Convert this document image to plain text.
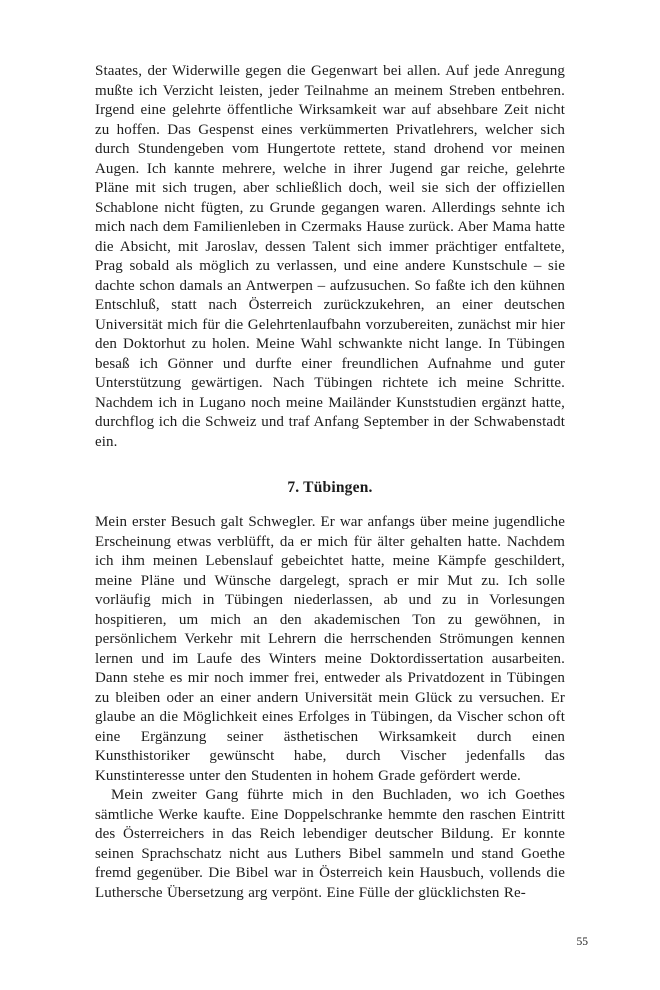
Staates, der Widerwille gegen die Gegenwart bei allen. Auf jede Anregung mußte ich Verzicht leisten, jeder Teilnahme an meinem Streben entbehren. Irgend eine gelehrte öffentliche Wirksamkeit war auf absehbare Zeit nicht zu hoffen. Das Gespenst eines verkümmerten Privatlehrers, welcher sich durch Stundengeben vom Hungertote rettete, stand drohend vor meinen Augen. Ich kannte mehrere, welche in ihrer Jugend gar reiche, gelehrte Pläne mit sich trugen, aber schließlich doch, weil sie sich der offiziellen Schablone nicht fügten, zu Grunde gegangen waren. Allerdings sehnte ich mich nach dem Familienleben in Czermaks Hause zurück. Aber Mama hatte die Absicht, mit Jaroslav, dessen Talent sich immer prächtiger entfaltete, Prag sobald als möglich zu verlassen, und eine andere Kunstschule – sie dachte schon damals an Antwerpen – aufzusuchen. So faßte ich den kühnen Entschluß, statt nach Österreich zurückzukehren, an einer deutschen Universität mich für die Gelehrtenlaufbahn vorzubereiten, zunächst mir hier den Doktorhut zu holen. Meine Wahl schwankte nicht lange. In Tübingen besaß ich Gönner und durfte einer freundlichen Aufnahme und guter Unterstützung gewärtigen. Nach Tübingen richtete ich meine Schritte. Nachdem ich in Lugano noch meine Mailänder Kunststudien ergänzt hatte, durchflog ich die Schweiz und traf Anfang September in der Schwabenstadt ein.

7. Tübingen.

Mein erster Besuch galt Schwegler. Er war anfangs über meine jugendliche Erscheinung etwas verblüfft, da er mich für älter gehalten hatte. Nachdem ich ihm meinen Lebenslauf gebeichtet hatte, meine Kämpfe geschildert, meine Pläne und Wünsche dargelegt, sprach er mir Mut zu. Ich solle vorläufig mich in Tübingen niederlassen, ab und zu in Vorlesungen hospitieren, um mich an den akademischen Ton zu gewöhnen, in persönlichem Verkehr mit Lehrern die herrschenden Strömungen kennen lernen und im Laufe des Winters meine Doktordissertation ausarbeiten. Dann stehe es mir noch immer frei, entweder als Privatdozent in Tübingen zu bleiben oder an einer andern Universität mein Glück zu versuchen. Er glaube an die Möglichkeit eines Erfolges in Tübingen, da Vischer schon oft eine Ergänzung seiner ästhetischen Wirksamkeit durch einen Kunsthistoriker gewünscht habe, durch Vischer jedenfalls das Kunstinteresse unter den Studenten in hohem Grade gefördert werde.

Mein zweiter Gang führte mich in den Buchladen, wo ich Goethes sämtliche Werke kaufte. Eine Doppelschranke hemmte den raschen Eintritt des Österreichers in das Reich lebendiger deutscher Bildung. Er konnte seinen Sprachschatz nicht aus Luthers Bibel sammeln und stand Goethe fremd gegenüber. Die Bibel war in Österreich kein Hausbuch, vollends die Luthersche Übersetzung arg verpönt. Eine Fülle der glücklichsten Re-

55
